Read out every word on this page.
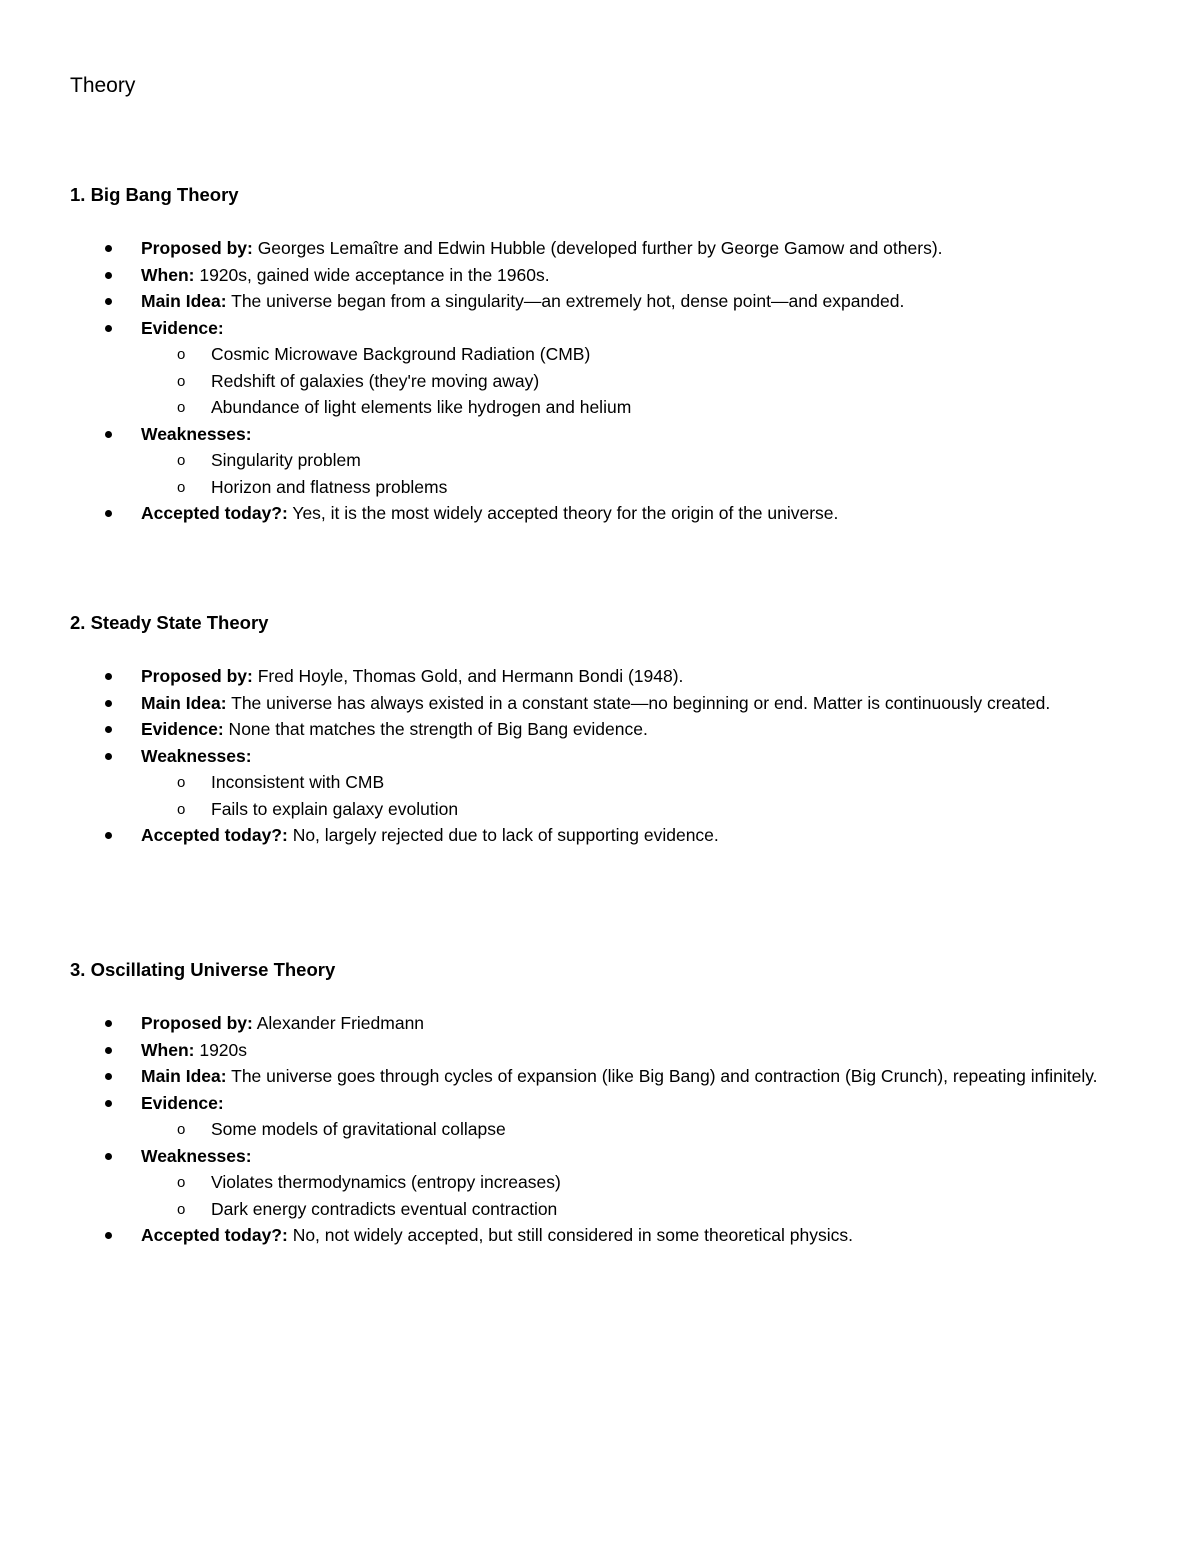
Theory
1. Big Bang Theory
Proposed by: Georges Lemaître and Edwin Hubble (developed further by George Gamow and others).
When: 1920s, gained wide acceptance in the 1960s.
Main Idea: The universe began from a singularity—an extremely hot, dense point—and expanded.
Evidence:
o Cosmic Microwave Background Radiation (CMB)
o Redshift of galaxies (they're moving away)
o Abundance of light elements like hydrogen and helium
Weaknesses:
o Singularity problem
o Horizon and flatness problems
Accepted today?: Yes, it is the most widely accepted theory for the origin of the universe.
2. Steady State Theory
Proposed by: Fred Hoyle, Thomas Gold, and Hermann Bondi (1948).
Main Idea: The universe has always existed in a constant state—no beginning or end. Matter is continuously created.
Evidence: None that matches the strength of Big Bang evidence.
Weaknesses:
o Inconsistent with CMB
o Fails to explain galaxy evolution
Accepted today?: No, largely rejected due to lack of supporting evidence.
3. Oscillating Universe Theory
Proposed by: Alexander Friedmann
When: 1920s
Main Idea: The universe goes through cycles of expansion (like Big Bang) and contraction (Big Crunch), repeating infinitely.
Evidence:
o Some models of gravitational collapse
Weaknesses:
o Violates thermodynamics (entropy increases)
o Dark energy contradicts eventual contraction
Accepted today?: No, not widely accepted, but still considered in some theoretical physics.
